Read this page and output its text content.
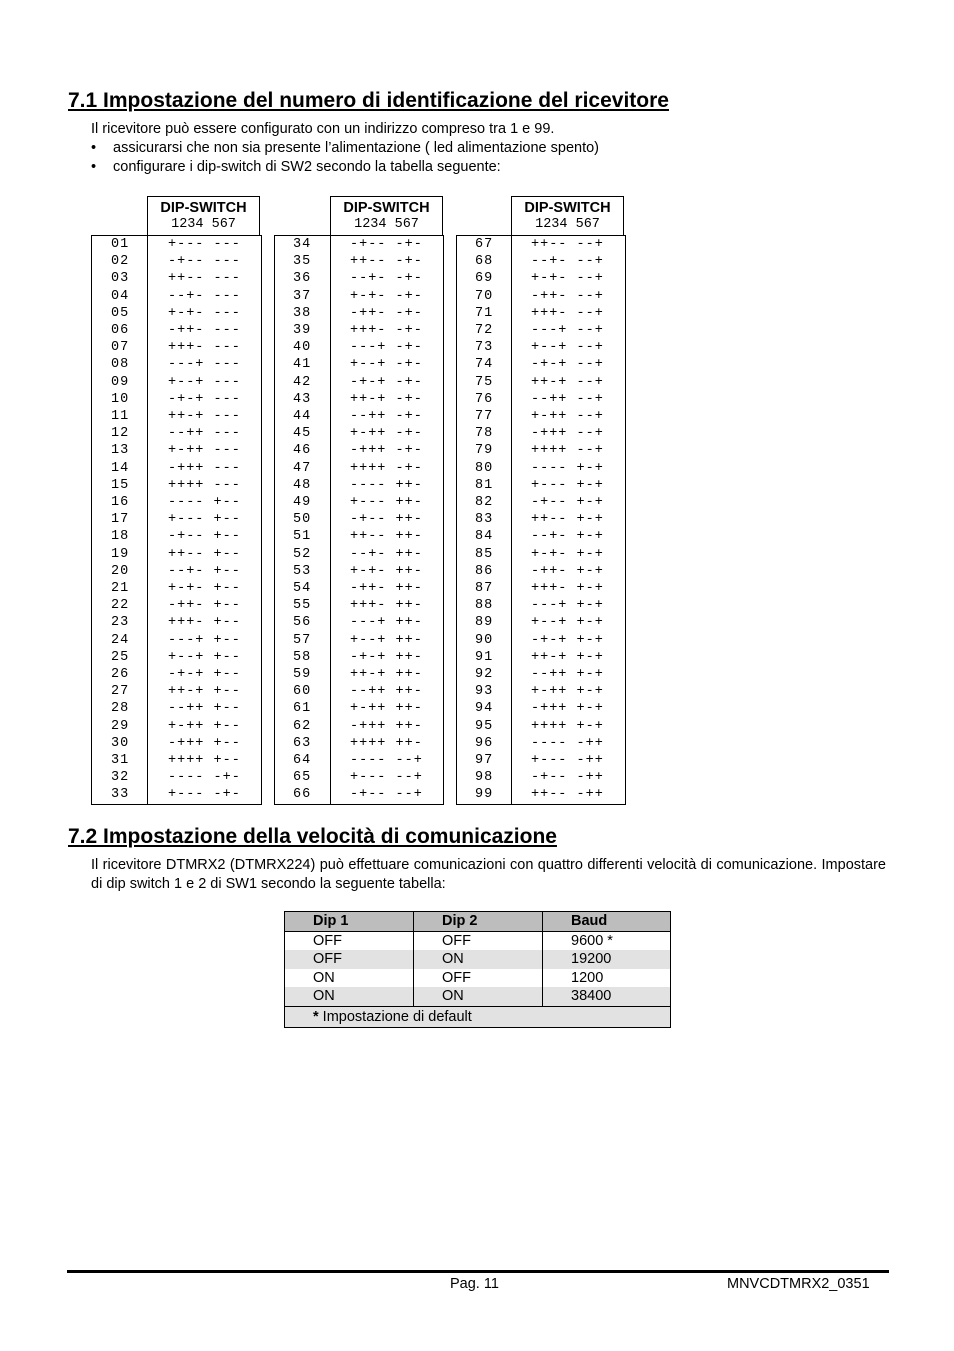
7.1 Impostazione del numero di identificazione del ricevitore

Il ricevitore può essere configurato con un indirizzo compreso tra 1 e 99.

• assicurarsi che non sia presente l’alimentazione ( led alimentazione spento)
• configurare i dip-switch di SW2 secondo la tabella seguente:
DIP-SWITCH
1234 567
01	+--- ---
02	-+-- ---
03	++-- ---
04	--+- ---
05	+-+- ---
06	-++- ---
07	+++- ---
08	---+ ---
09	+--+ ---
10	-+-+ ---
11	++-+ ---
12	--++ ---
13	+-++ ---
14	-+++ ---
15	++++ ---
16	---- +--
17	+--- +--
18	-+-- +--
19	++-- +--
20	--+- +--
21	+-+- +--
22	-++- +--
23	+++- +--
24	---+ +--
25	+--+ +--
26	-+-+ +--
27	++-+ +--
28	--++ +--
29	+-++ +--
30	-+++ +--
31	++++ +--
32	---- -+-
33	+--- -+-
DIP-SWITCH
1234 567
34	-+-- -+-
35	++-- -+-
36	--+- -+-
37	+-+- -+-
38	-++- -+-
39	+++- -+-
40	---+ -+-
41	+--+ -+-
42	-+-+ -+-
43	++-+ -+-
44	--++ -+-
45	+-++ -+-
46	-+++ -+-
47	++++ -+-
48	---- ++-
49	+--- ++-
50	-+-- ++-
51	++-- ++-
52	--+- ++-
53	+-+- ++-
54	-++- ++-
55	+++- ++-
56	---+ ++-
57	+--+ ++-
58	-+-+ ++-
59	++-+ ++-
60	--++ ++-
61	+-++ ++-
62	-+++ ++-
63	++++ ++-
64	---- --+
65	+--- --+
66	-+-- --+
DIP-SWITCH
1234 567
67	++-- --+
68	--+- --+
69	+-+- --+
70	-++- --+
71	+++- --+
72	---+ --+
73	+--+ --+
74	-+-+ --+
75	++-+ --+
76	--++ --+
77	+-++ --+
78	-+++ --+
79	++++ --+
80	---- +-+
81	+--- +-+
82	-+-- +-+
83	++-- +-+
84	--+- +-+
85	+-+- +-+
86	-++- +-+
87	+++- +-+
88	---+ +-+
89	+--+ +-+
90	-+-+ +-+
91	++-+ +-+
92	--++ +-+
93	+-++ +-+
94	-+++ +-+
95	++++ +-+
96	---- -++
97	+--- -++
98	-+-- -++
99	++-- -++
7.2 Impostazione della velocità di comunicazione

Il ricevitore DTMRX2 (DTMRX224) può effettuare comunicazioni con quattro differenti velocità di comunicazione. Impostare di dip switch 1 e 2 di SW1 secondo la seguente tabella:

Dip 1	Dip 2	Baud
OFF	OFF	9600 *
OFF	ON	19200
ON	OFF	1200
ON	ON	38400
* Impostazione di default		
Pag. 11	MNVCDTMRX2_0351
